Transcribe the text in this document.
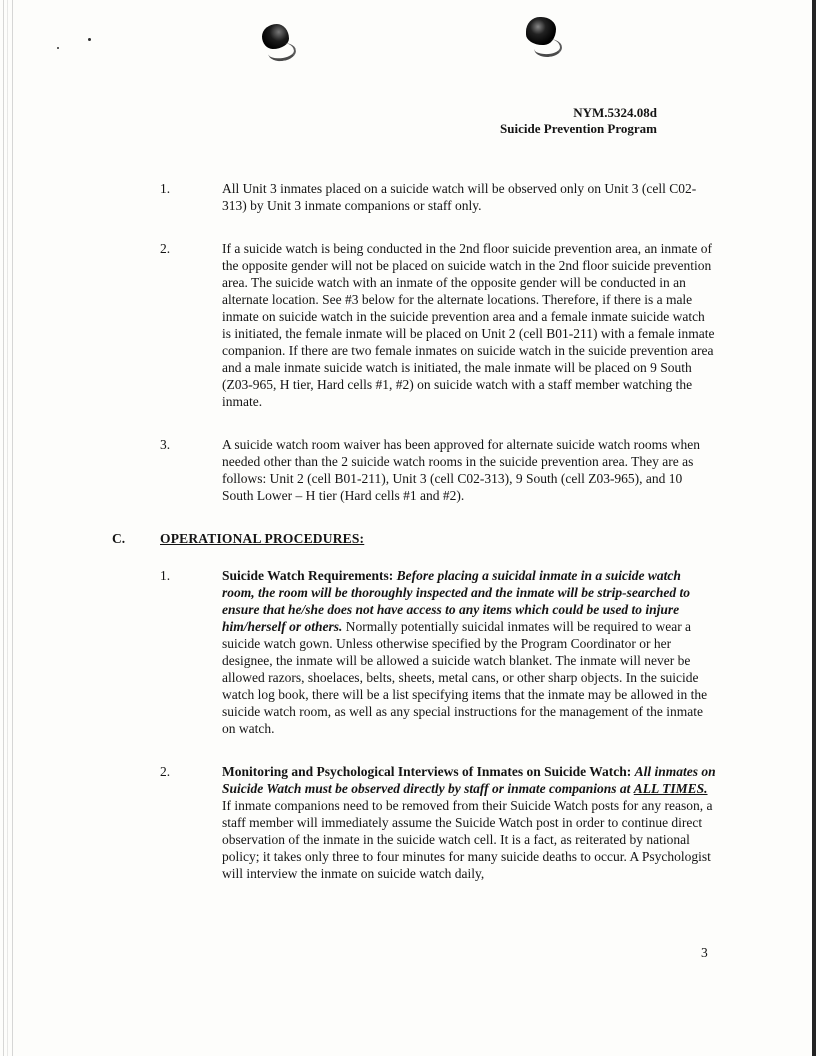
NYM.5324.08d
Suicide Prevention Program
1.	All Unit 3 inmates placed on a suicide watch will be observed only on Unit 3 (cell C02-313) by Unit 3 inmate companions or staff only.
2.	If a suicide watch is being conducted in the 2nd floor suicide prevention area, an inmate of the opposite gender will not be placed on suicide watch in the 2nd floor suicide prevention area. The suicide watch with an inmate of the opposite gender will be conducted in an alternate location. See #3 below for the alternate locations. Therefore, if there is a male inmate on suicide watch in the suicide prevention area and a female inmate suicide watch is initiated, the female inmate will be placed on Unit 2 (cell B01-211) with a female inmate companion. If there are two female inmates on suicide watch in the suicide prevention area and a male inmate suicide watch is initiated, the male inmate will be placed on 9 South (Z03-965, H tier, Hard cells #1, #2) on suicide watch with a staff member watching the inmate.
3.	A suicide watch room waiver has been approved for alternate suicide watch rooms when needed other than the 2 suicide watch rooms in the suicide prevention area. They are as follows: Unit 2 (cell B01-211), Unit 3 (cell C02-313), 9 South (cell Z03-965), and 10 South Lower – H tier (Hard cells #1 and #2).
C.	OPERATIONAL PROCEDURES:
1.	Suicide Watch Requirements: Before placing a suicidal inmate in a suicide watch room, the room will be thoroughly inspected and the inmate will be strip-searched to ensure that he/she does not have access to any items which could be used to injure him/herself or others. Normally potentially suicidal inmates will be required to wear a suicide watch gown. Unless otherwise specified by the Program Coordinator or her designee, the inmate will be allowed a suicide watch blanket. The inmate will never be allowed razors, shoelaces, belts, sheets, metal cans, or other sharp objects. In the suicide watch log book, there will be a list specifying items that the inmate may be allowed in the suicide watch room, as well as any special instructions for the management of the inmate on watch.
2.	Monitoring and Psychological Interviews of Inmates on Suicide Watch: All inmates on Suicide Watch must be observed directly by staff or inmate companions at ALL TIMES. If inmate companions need to be removed from their Suicide Watch posts for any reason, a staff member will immediately assume the Suicide Watch post in order to continue direct observation of the inmate in the suicide watch cell. It is a fact, as reiterated by national policy; it takes only three to four minutes for many suicide deaths to occur. A Psychologist will interview the inmate on suicide watch daily,
3
